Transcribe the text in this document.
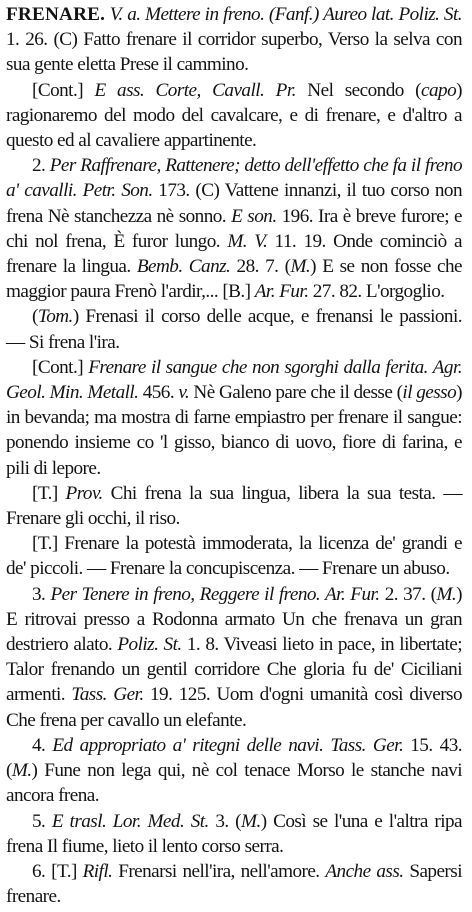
FRENARE. V. a. Mettere in freno. (Fanf.) Aureo lat. Poliz. St. 1. 26. (C) Fatto frenare il corridor superbo, Verso la selva con sua gente eletta Prese il cammino.

[Cont.] E ass. Corte, Cavall. Pr. Nel secondo (capo) ragionaremo del modo del cavalcare, e di frenare, e d'altro a questo ed al cavaliere appartinente.

2. Per Raffrenare, Rattenere; detto dell'effetto che fa il freno a' cavalli. Petr. Son. 173. (C) Vattene innanzi, il tuo corso non frena Nè stanchezza nè sonno. E son. 196. Ira è breve furore; e chi nol frena, È furor lungo. M. V. 11. 19. Onde cominciò a frenare la lingua. Bemb. Canz. 28. 7. (M.) E se non fosse che maggior paura Frenò l'ardir,... [B.] Ar. Fur. 27. 82. L'orgoglio.

(Tom.) Frenasi il corso delle acque, e frenansi le passioni. — Si frena l'ira.

[Cont.] Frenare il sangue che non sgorghi dalla ferita. Agr. Geol. Min. Metall. 456. v. Nè Galeno pare che il desse (il gesso) in bevanda; ma mostra di farne empiastro per frenare il sangue: ponendo insieme co 'l gisso, bianco di uovo, fiore di farina, e pili di lepore.

[T.] Prov. Chi frena la sua lingua, libera la sua testa. — Frenare gli occhi, il riso.

[T.] Frenare la potestà immoderata, la licenza de' grandi e de' piccoli. — Frenare la concupiscenza. — Frenare un abuso.

3. Per Tenere in freno, Reggere il freno. Ar. Fur. 2. 37. (M.) E ritrovai presso a Rodonna armato Un che frenava un gran destriero alato. Poliz. St. 1. 8. Viveasi lieto in pace, in libertate; Talor frenando un gentil corridore Che gloria fu de' Ciciliani armenti. Tass. Ger. 19. 125. Uom d'ogni umanità così diverso Che frena per cavallo un elefante.

4. Ed appropriato a' ritegni delle navi. Tass. Ger. 15. 43. (M.) Fune non lega qui, nè col tenace Morso le stanche navi ancora frena.

5. E trasl. Lor. Med. St. 3. (M.) Così se l'una e l'altra ripa frena Il fiume, lieto il lento corso serra.

6. [T.] Rifl. Frenarsi nell'ira, nell'amore. Anche ass. Sapersi frenare.
